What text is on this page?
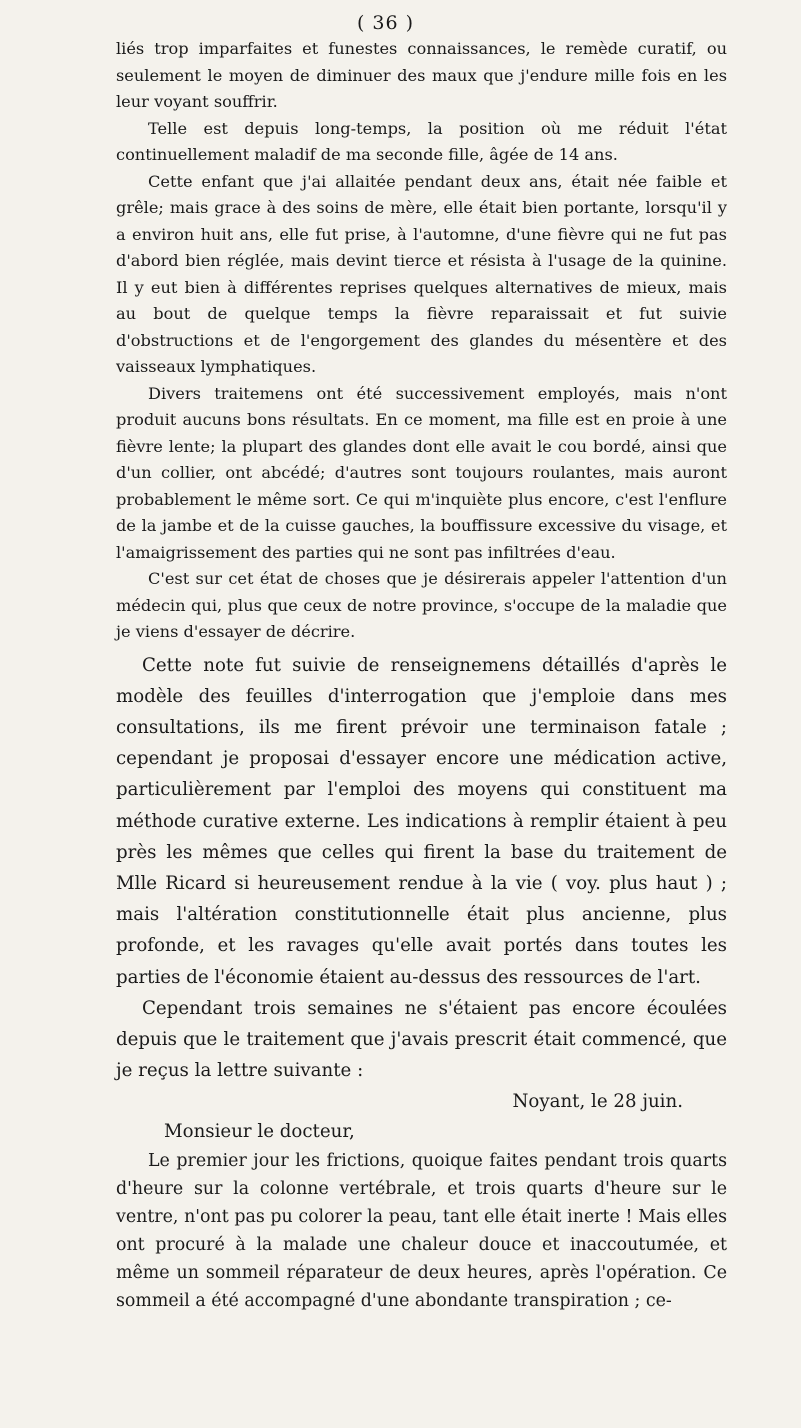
( 36 )

liés trop imparfaites et funestes connaissances, le remède curatif, ou seulement le moyen de diminuer des maux que j'endure mille fois en les leur voyant souffrir.

Telle est depuis long-temps, la position où me réduit l'état continuellement maladif de ma seconde fille, âgée de 14 ans.

Cette enfant que j'ai allaitée pendant deux ans, était née faible et grêle; mais grace à des soins de mère, elle était bien portante, lorsqu'il y a environ huit ans, elle fut prise, à l'automne, d'une fièvre qui ne fut pas d'abord bien réglée, mais devint tierce et résista à l'usage de la quinine. Il y eut bien à différentes reprises quelques alternatives de mieux, mais au bout de quelque temps la fièvre reparaissait et fut suivie d'obstructions et de l'engorgement des glandes du mésentère et des vaisseaux lymphatiques.

Divers traitemens ont été successivement employés, mais n'ont produit aucuns bons résultats. En ce moment, ma fille est en proie à une fièvre lente; la plupart des glandes dont elle avait le cou bordé, ainsi que d'un collier, ont abcédé; d'autres sont toujours roulantes, mais auront probablement le même sort. Ce qui m'inquiète plus encore, c'est l'enflure de la jambe et de la cuisse gauches, la bouffissure excessive du visage, et l'amaigrissement des parties qui ne sont pas infiltrées d'eau.

C'est sur cet état de choses que je désirerais appeler l'attention d'un médecin qui, plus que ceux de notre province, s'occupe de la maladie que je viens d'essayer de décrire.

Cette note fut suivie de renseignemens détaillés d'après le modèle des feuilles d'interrogation que j'emploie dans mes consultations, ils me firent prévoir une terminaison fatale ; cependant je proposai d'essayer encore une médication active, particulièrement par l'emploi des moyens qui constituent ma méthode curative externe. Les indications à remplir étaient à peu près les mêmes que celles qui firent la base du traitement de Mlle Ricard si heureusement rendue à la vie ( voy. plus haut ) ; mais l'altération constitutionnelle était plus ancienne, plus profonde, et les ravages qu'elle avait portés dans toutes les parties de l'économie étaient au-dessus des ressources de l'art.

Cependant trois semaines ne s'étaient pas encore écoulées depuis que le traitement que j'avais prescrit était commencé, que je reçus la lettre suivante :

Noyant, le 28 juin.
Monsieur le docteur,

Le premier jour les frictions, quoique faites pendant trois quarts d'heure sur la colonne vertébrale, et trois quarts d'heure sur le ventre, n'ont pas pu colorer la peau, tant elle était inerte ! Mais elles ont procuré à la malade une chaleur douce et inaccoutumée, et même un sommeil réparateur de deux heures, après l'opération. Ce sommeil a été accompagné d'une abondante transpiration ; ce-
